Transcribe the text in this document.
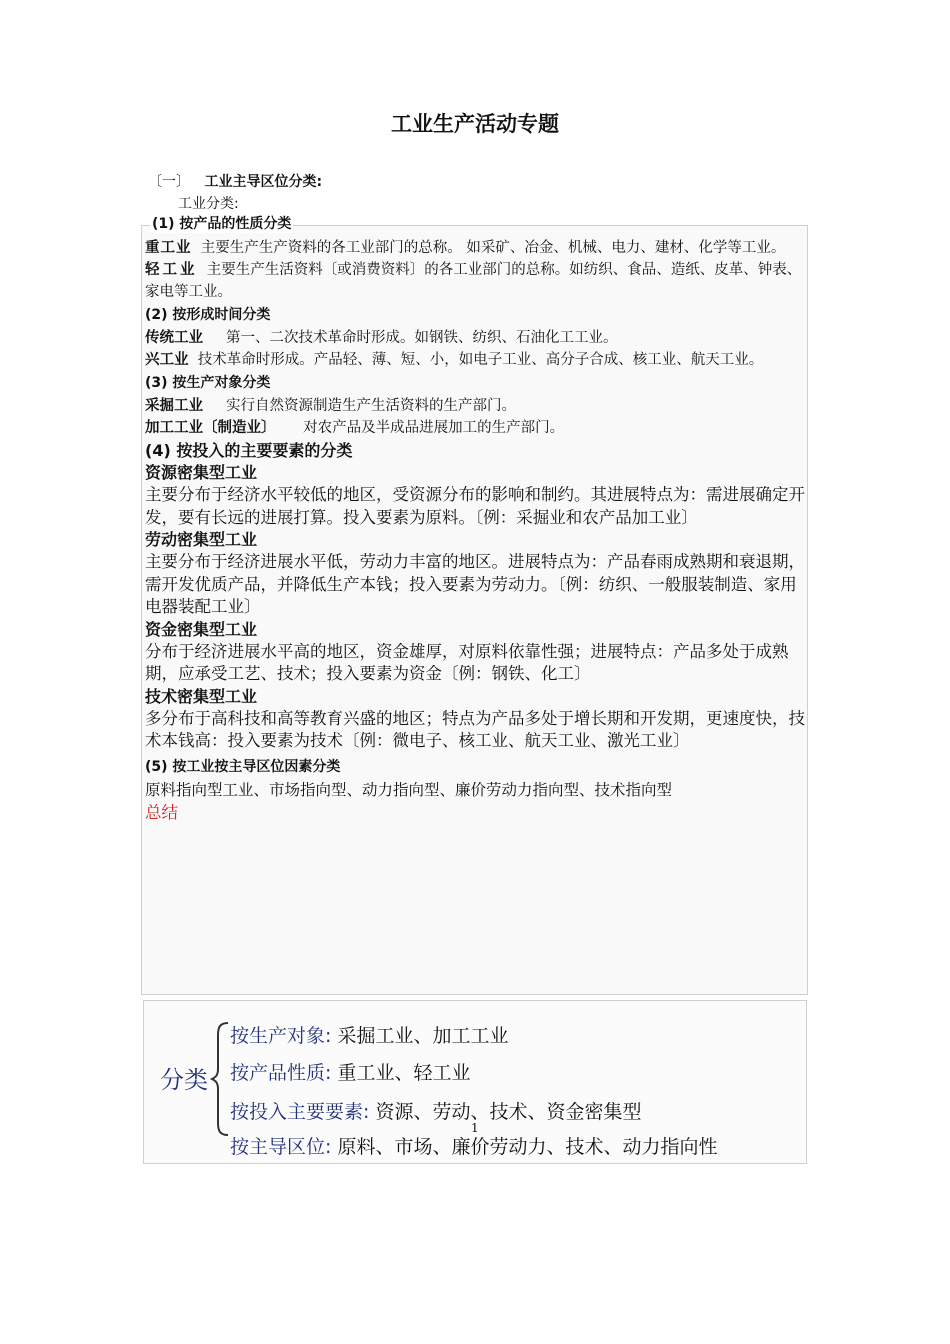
工业生产活动专题
〔一〕 工业主导区位分类:
工业分类:
(1) 按产品的性质分类

重工业 主要生产生产资料的各工业部门的总称。 如采矿、冶金、机械、电力、建材、化学等工业。

轻工业 主要生产生活资料〔或消费资料〕的各工业部门的总称。如纺织、食品、造纸、皮革、钟表、家电等工业。

(2) 按形成时间分类

传统工业 第一、二次技术革命时形成。如钢铁、纺织、石油化工工业。

兴工业 技术革命时形成。产品轻、薄、短、小，如电子工业、高分子合成、核工业、航天工业。

(3) 按生产对象分类

采掘工业 实行自然资源制造生产生活资料的生产部门。

加工工业〔制造业〕 对农产品及半成品进展加工的生产部门。

(4) 按投入的主要要素的分类

资源密集型工业

主要分布于经济水平较低的地区，受资源分布的影响和制约。其进展特点为：需进展确定开发，要有长远的进展打算。投入要素为原料。〔例：采掘业和农产品加工业〕

劳动密集型工业

主要分布于经济进展水平低，劳动力丰富的地区。进展特点为：产品春雨成熟期和衰退期，需开发优质产品，并降低生产本钱；投入要素为劳动力。〔例：纺织、一般服装制造、家用电器装配工业〕

资金密集型工业

分布于经济进展水平高的地区，资金雄厚，对原料依靠性强；进展特点：产品多处于成熟期，应承受工艺、技术；投入要素为资金〔例：钢铁、化工〕

技术密集型工业

多分布于高科技和高等教育兴盛的地区；特点为产品多处于增长期和开发期，更速度快，技术本钱高：投入要素为技术〔例：微电子、核工业、航天工业、激光工业〕

(5) 按工业按主导区位因素分类

原料指向型工业、市场指向型、动力指向型、廉价劳动力指向型、技术指向型

总结

分类
按生产对象: 采掘工业、加工工业
按产品性质: 重工业、轻工业
按投入主要要素: 资源、劳动、技术、资金密集型
按主导区位: 原料、市场、廉价劳动力、技术、动力指向性
1
